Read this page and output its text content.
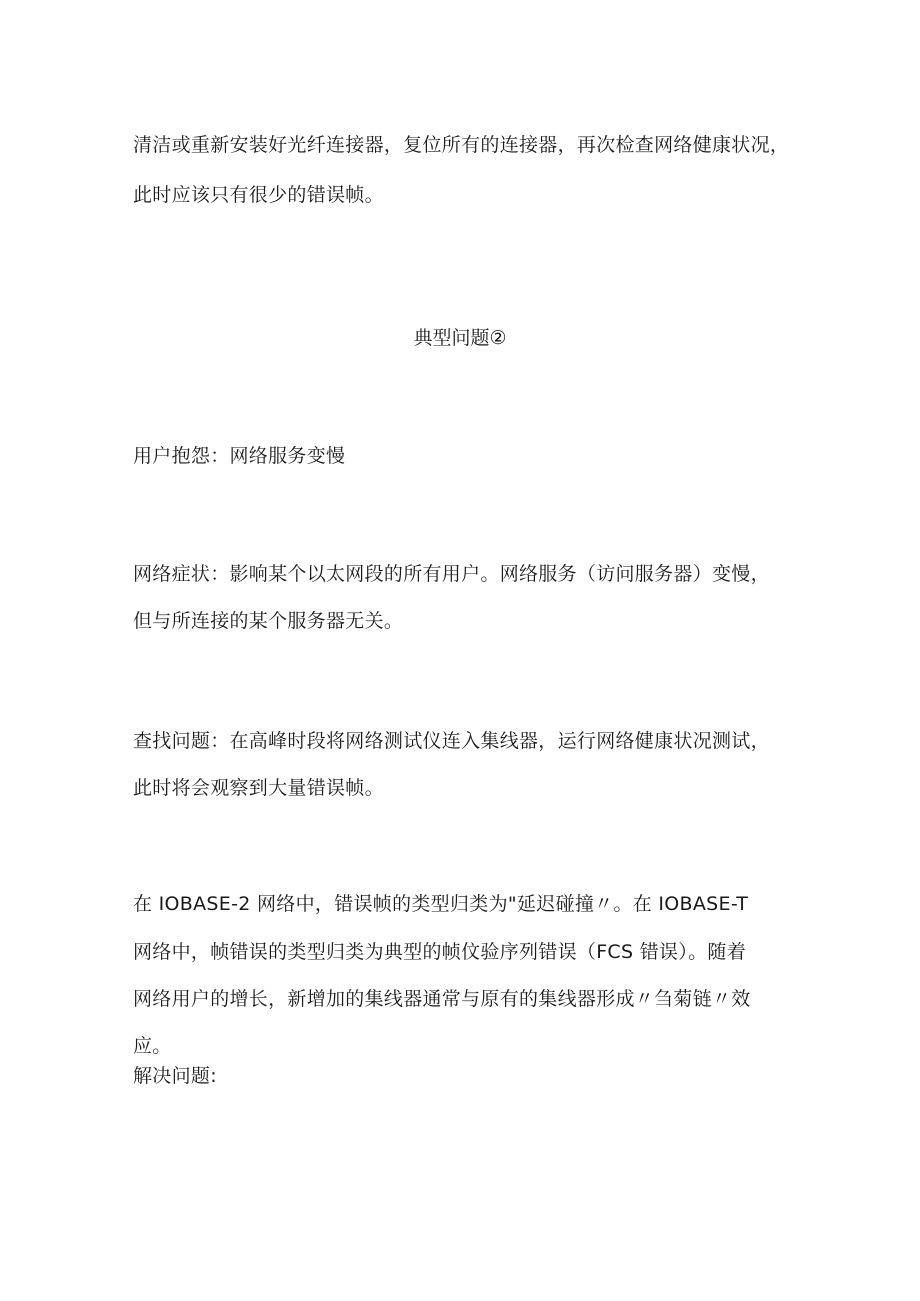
清洁或重新安装好光纤连接器，复位所有的连接器，再次检查网络健康状况，
此时应该只有很少的错误帧。
典型问题②
用户抱怨：网络服务变慢
网络症状：影响某个以太网段的所有用户。网络服务（访问服务器）变慢，
但与所连接的某个服务器无关。
查找问题：在高峰时段将网络测试仪连入集线器，运行网络健康状况测试，
此时将会观察到大量错误帧。
在 IOBASE-2 网络中，错误帧的类型归类为"延迟碰撞〃。在 IOBASE-T
网络中，帧错误的类型归类为典型的帧伩验序列错误（FCS 错误）。随着
网络用户的增长，新增加的集线器通常与原有的集线器形成〃刍菊链〃效
应。
解决问题:
